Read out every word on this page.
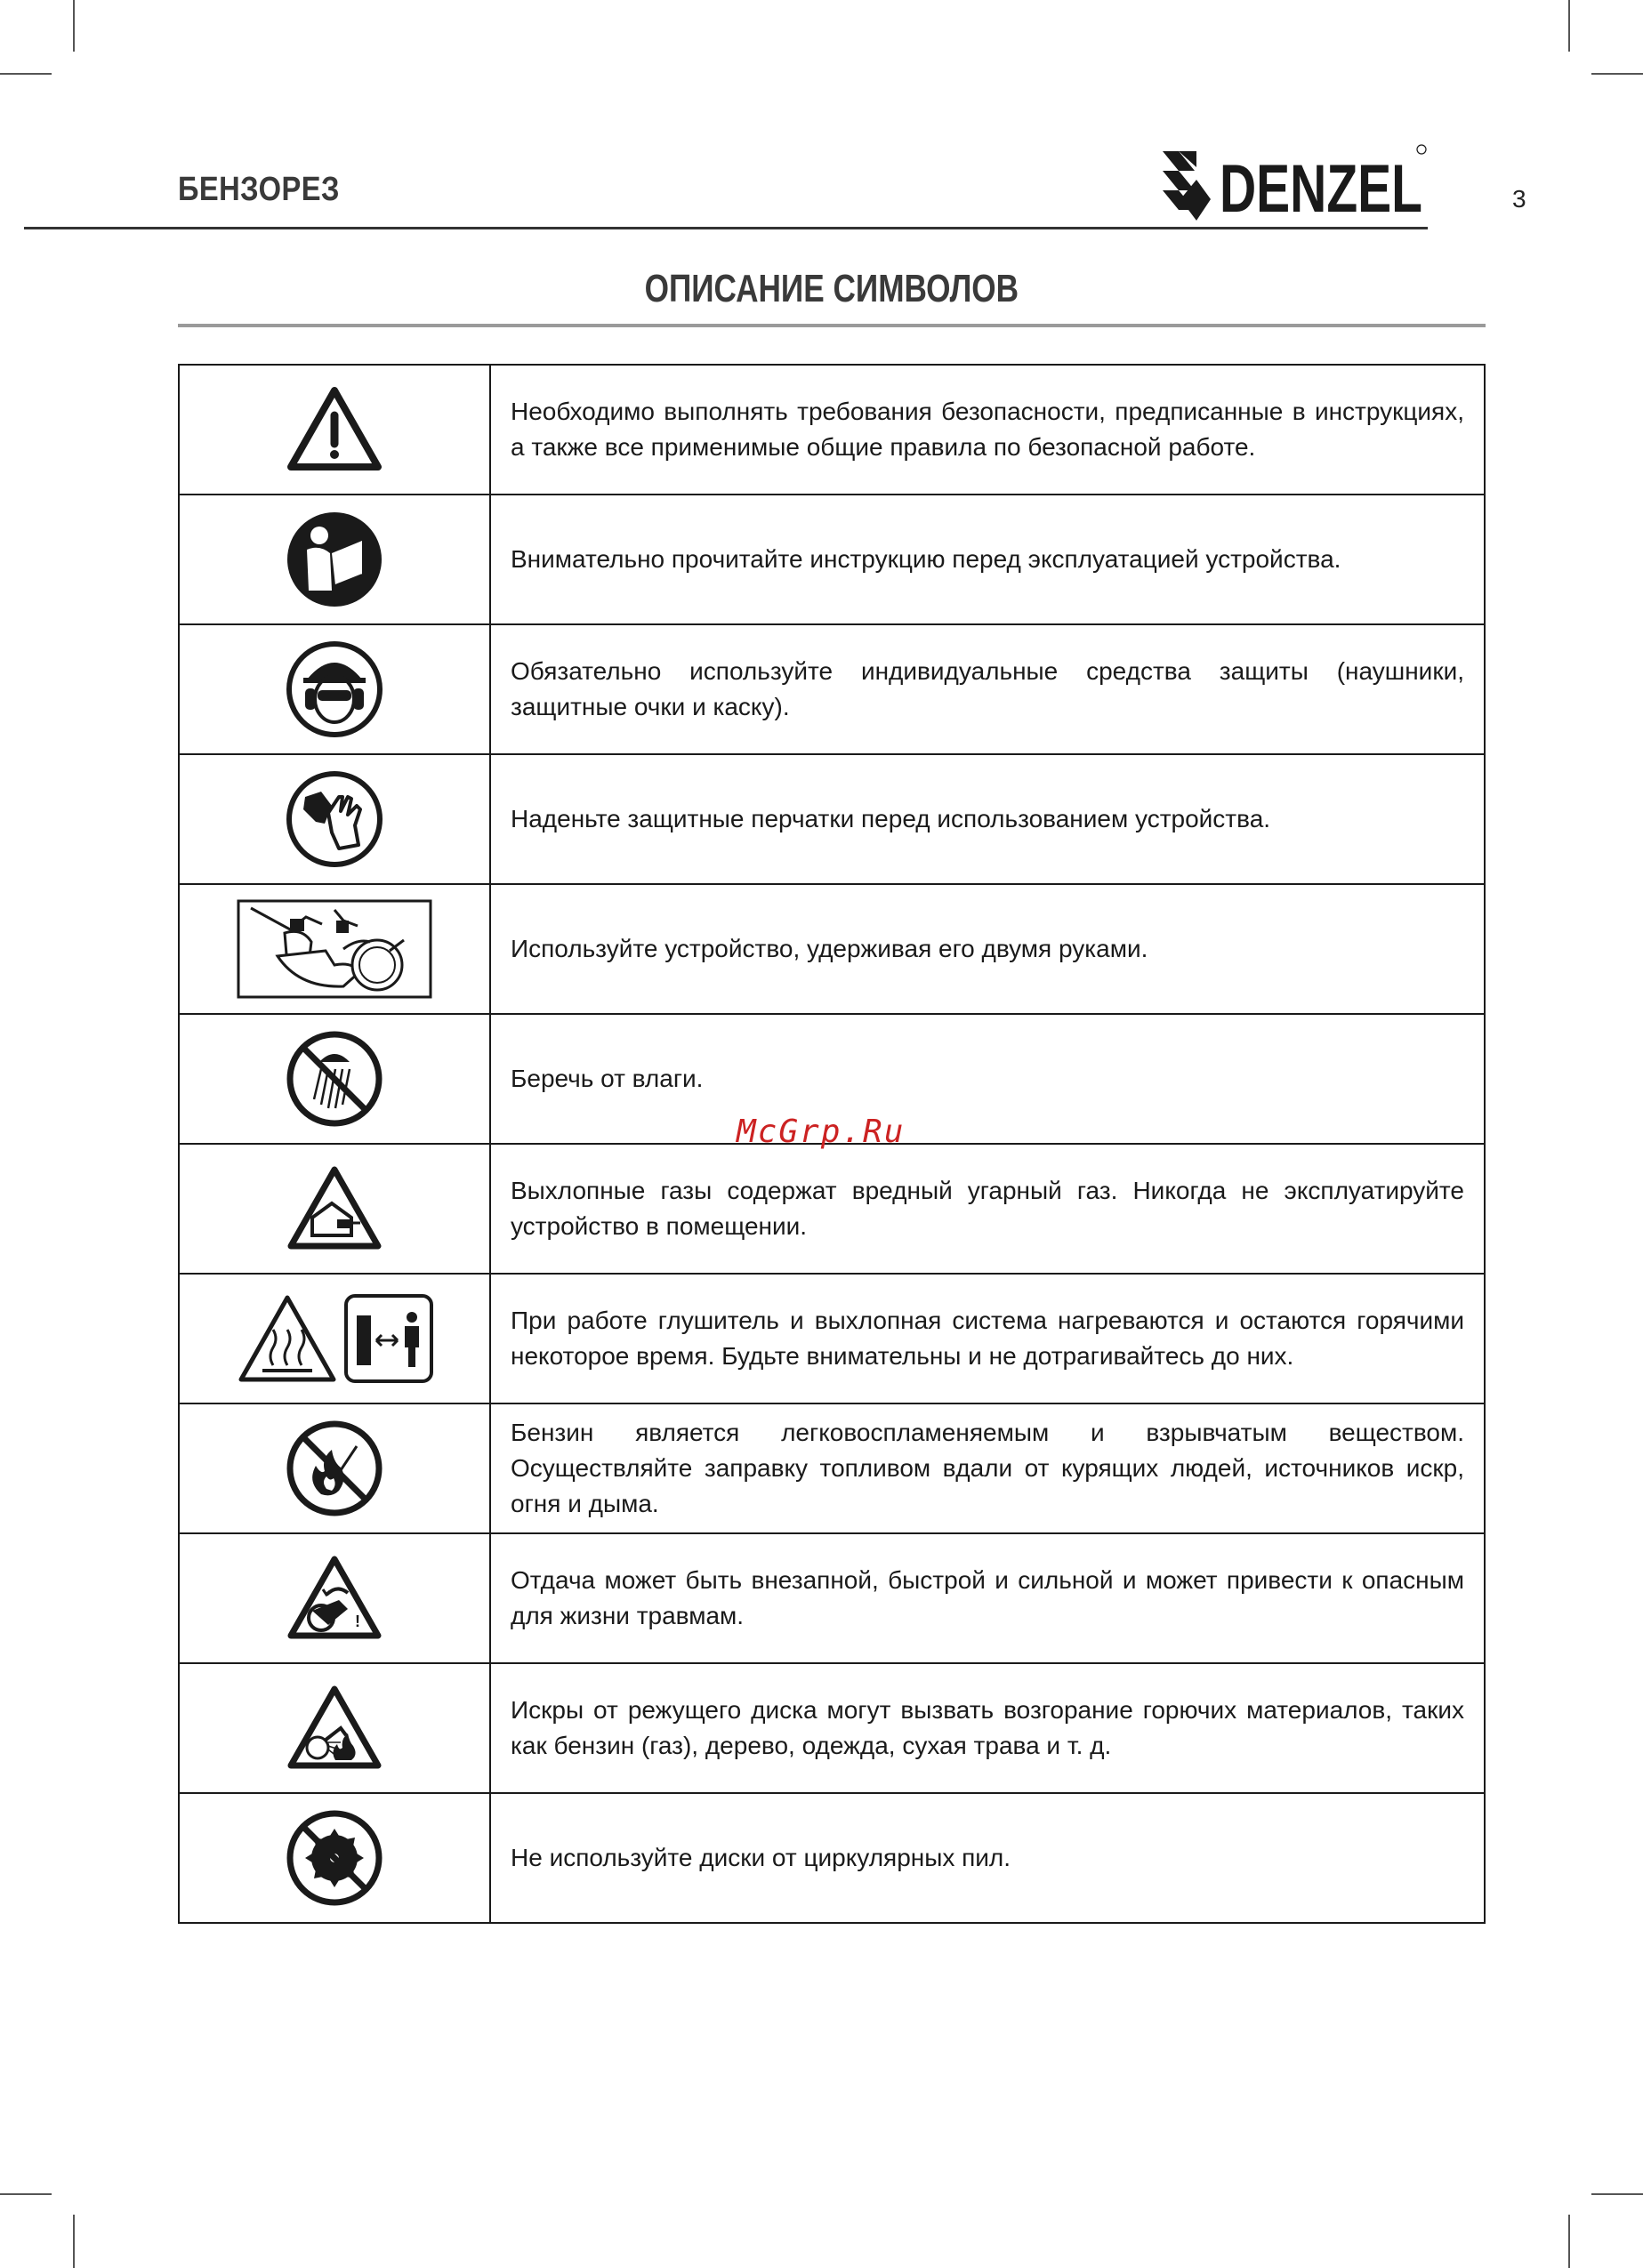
БЕНЗОРЕЗ	DENZEL	3
ОПИСАНИЕ СИМВОЛОВ
	Необходимо выполнять требования безопасности, предписанные в инструкциях, а также все применимые общие правила по безопасной работе.
	Внимательно прочитайте инструкцию перед эксплуатацией устройства.
	Обязательно используйте индивидуальные средства защиты (наушники, защитные очки и каску).
	Наденьте защитные перчатки перед использованием устройства.
	Используйте устройство, удерживая его двумя руками.
	Беречь от влаги.
	Выхлопные газы содержат вредный угарный газ. Никогда не эксплуатируйте устройство в помещении.
	При работе глушитель и выхлопная система нагреваются и остаются горячими некоторое время. Будьте внимательны и не дотрагивайтесь до них.
	Бензин является легковоспламеняемым и взрывчатым веществом. Осуществляйте заправку топливом вдали от курящих людей, источников искр, огня и дыма.

!	Отдача может быть внезапной, быстрой и сильной и может привести к опасным для жизни травмам.
	Искры от режущего диска могут вызвать возгорание горючих материалов, таких как бензин (газ), дерево, одежда, сухая трава и т. д.
	Не используйте диски от циркулярных пил.
McGrp.Ru
